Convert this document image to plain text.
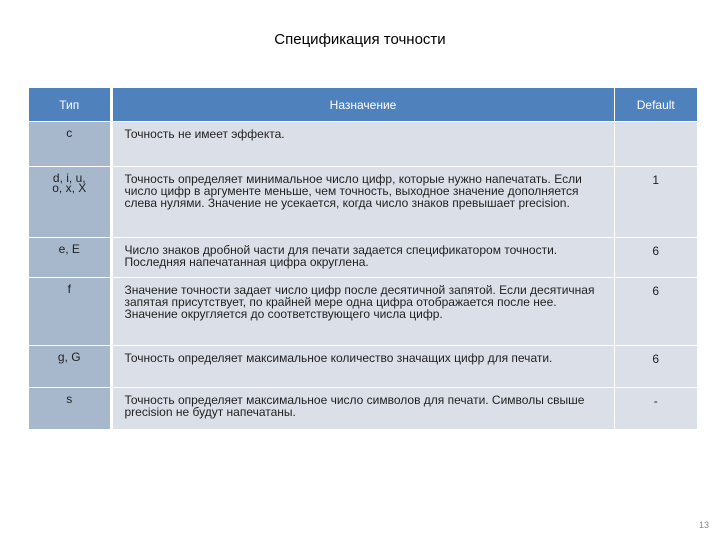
Спецификация точности
Тип	Назначение	Default
c	Точность не имеет эффекта.	

d, i, u, o, x, X	Точность определяет минимальное число цифр, которые нужно напечатать. Если число цифр в аргументе меньше, чем точность, выходное значение дополняется слева нулями. Значение не усекается, когда число знаков превышает precision.	1
e, E	Число знаков дробной части для печати задается спецификатором точности. Последняя напечатанная цифра округлена.	6
f	Значение точности задает число цифр после десятичной запятой. Если десятичная запятая присутствует, по крайней мере одна цифра отображается после нее. Значение округляется до соответствующего числа цифр.	6
g, G	Точность определяет максимальное количество значащих цифр для печати.	6
s	Точность определяет максимальное число символов для печати. Символы свыше precision не будут напечатаны.	-
13
